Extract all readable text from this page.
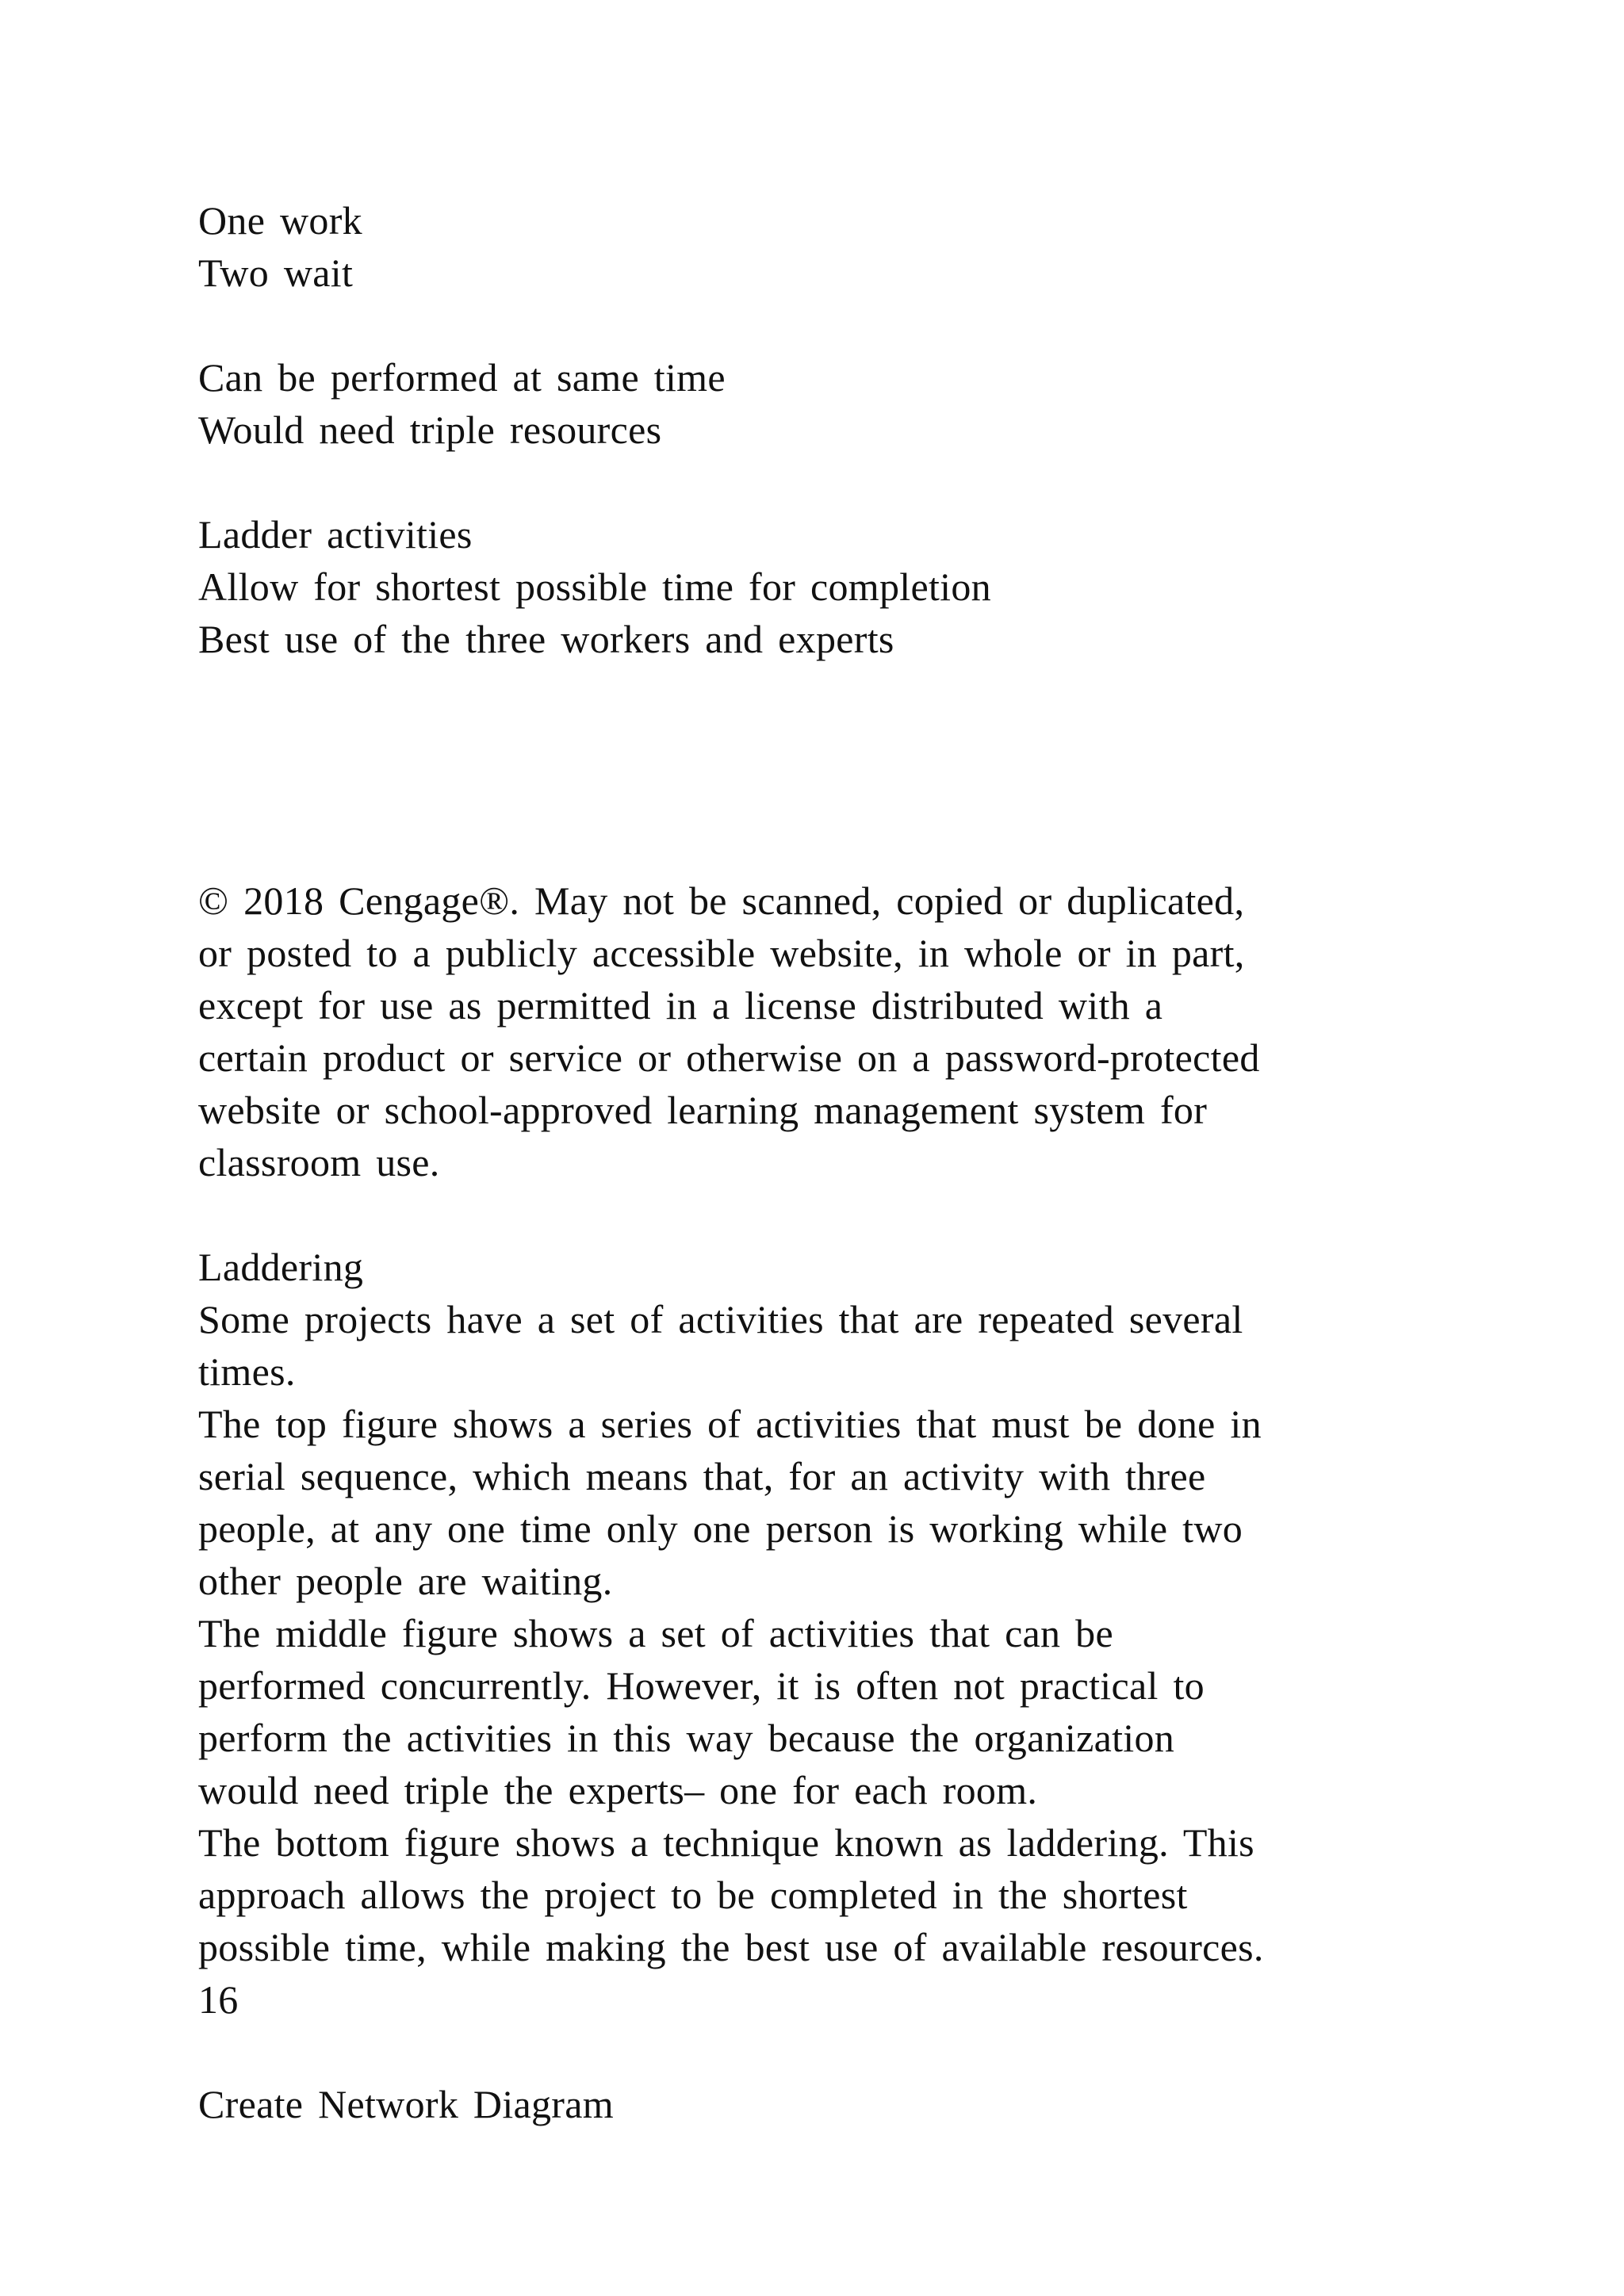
One work
Two wait
Can be performed at same time
Would need triple resources
Ladder activities
Allow for shortest possible time for completion
Best use of the three workers and experts
© 2018 Cengage®. May not be scanned, copied or duplicated,
or posted to a publicly accessible website, in whole or in part,
except for use as permitted in a license distributed with a
certain product or service or otherwise on a password-protected
website or school-approved learning management system for
classroom use.
Laddering
Some projects have a set of activities that are repeated several
times.
The top figure shows a series of activities that must be done in
serial sequence, which means that, for an activity with three
people, at any one time only one person is working while two
other people are waiting.
The middle figure shows a set of activities that can be
performed concurrently. However, it is often not practical to
perform the activities in this way because the organization
would need triple the experts– one for each room.
The bottom figure shows a technique known as laddering. This
approach allows the project to be completed in the shortest
possible time, while making the best use of available resources.
16
Create Network Diagram
